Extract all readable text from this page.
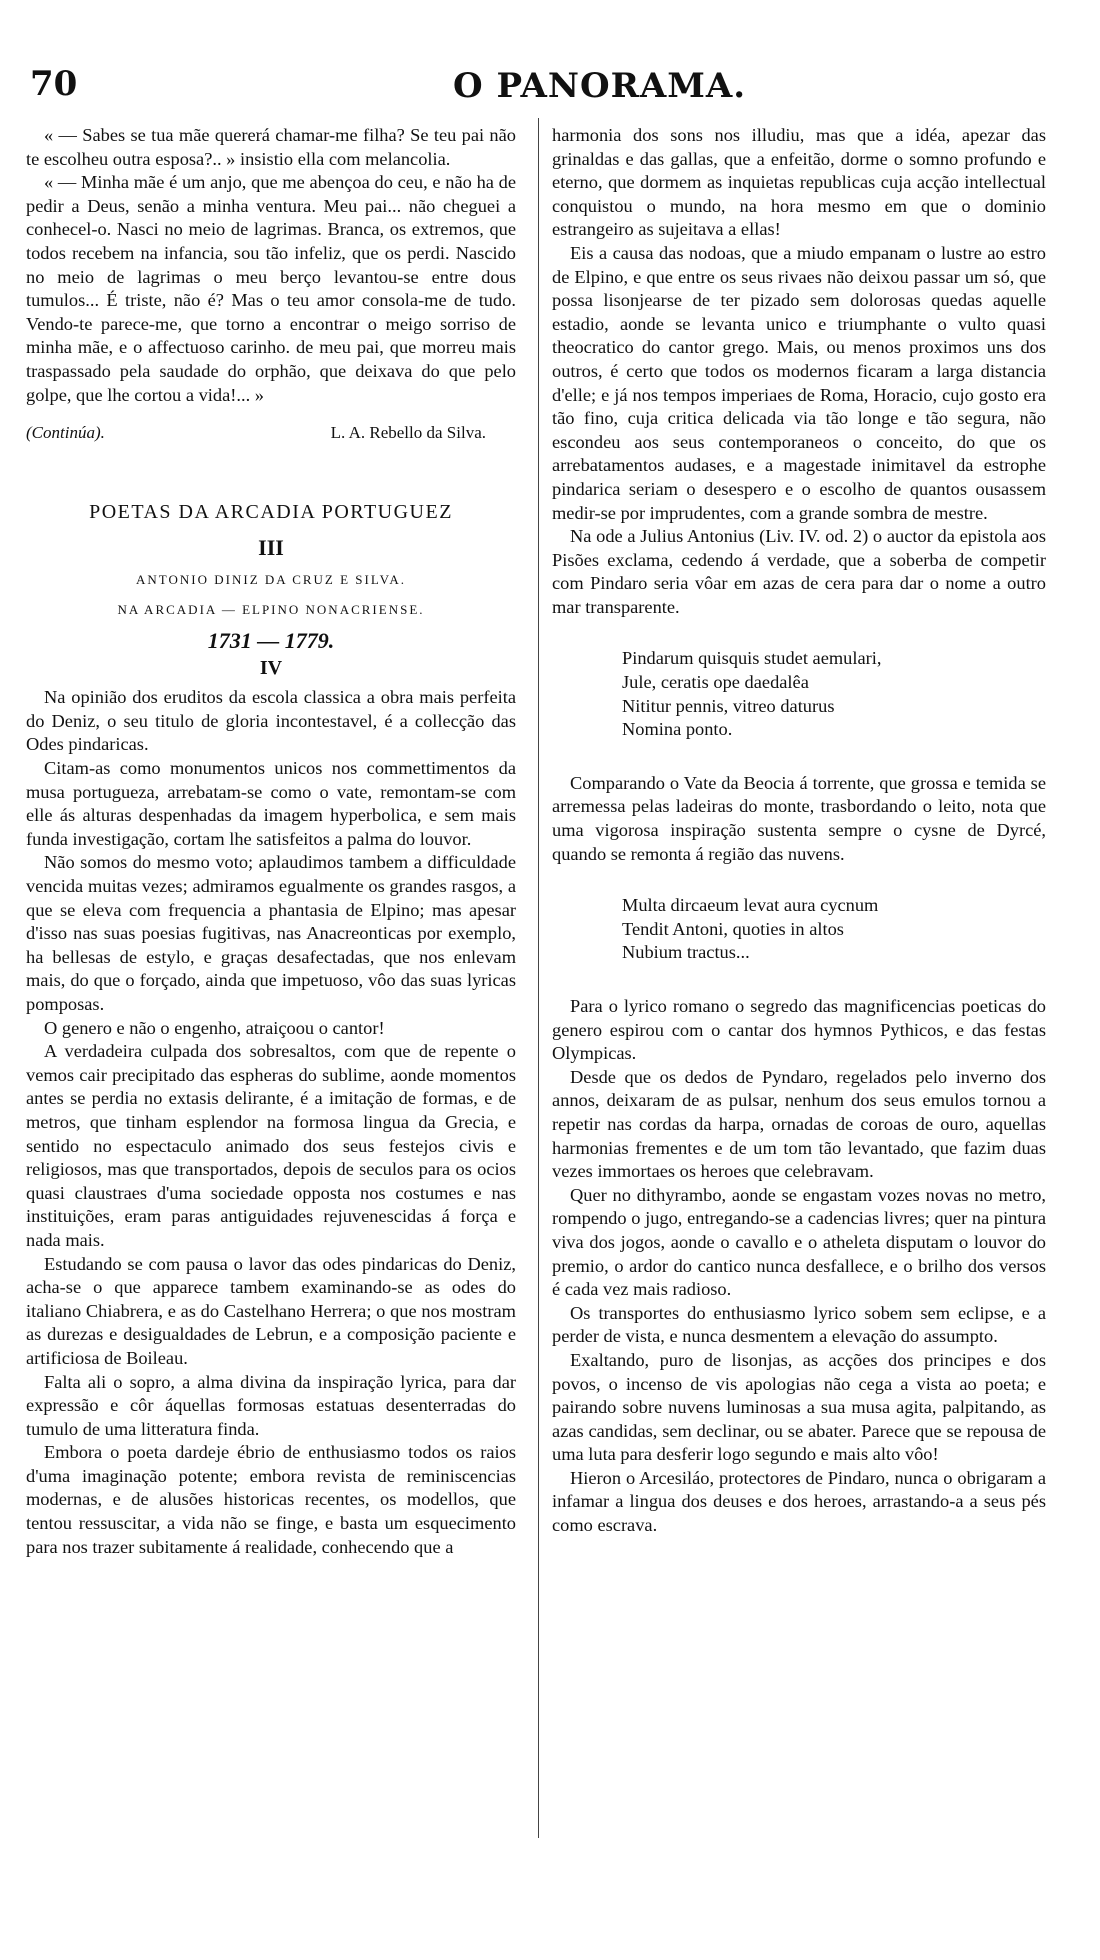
70	O PANORAMA.

« — Sabes se tua mãe quererá chamar-me filha? Se teu pai não te escolheu outra esposa?.. » insistio ella com melancolia.

« — Minha mãe é um anjo, que me abençoa do ceu, e não ha de pedir a Deus, senão a minha ventura. Meu pai... não cheguei a conhecel-o. Nasci no meio de lagrimas. Branca, os extremos, que todos recebem na infancia, sou tão infeliz, que os perdi. Nascido no meio de lagrimas o meu berço levantou-se entre dous tumulos... É triste, não é? Mas o teu amor consola-me de tudo. Vendo-te parece-me, que torno a encontrar o meigo sorriso de minha mãe, e o affectuoso carinho. de meu pai, que morreu mais traspassado pela saudade do orphão, que deixava do que pelo golpe, que lhe cortou a vida!... »

(Continúa).	L. A. Rebello da Silva.
POETAS DA ARCADIA PORTUGUEZ
III
ANTONIO DINIZ DA CRUZ E SILVA.
NA ARCADIA — ELPINO NONACRIENSE.
1731 — 1779.
IV

Na opinião dos eruditos da escola classica a obra mais perfeita do Deniz, o seu titulo de gloria incontestavel, é a collecção das Odes pindaricas.

Citam-as como monumentos unicos nos commettimentos da musa portugueza, arrebatam-se como o vate, remontam-se com elle ás alturas despenhadas da imagem hyperbolica, e sem mais funda investigação, cortam lhe satisfeitos a palma do louvor.

Não somos do mesmo voto; aplaudimos tambem a difficuldade vencida muitas vezes; admiramos egualmente os grandes rasgos, a que se eleva com frequencia a phantasia de Elpino; mas apesar d'isso nas suas poesias fugitivas, nas Anacreonticas por exemplo, ha bellesas de estylo, e graças desafectadas, que nos enlevam mais, do que o forçado, ainda que impetuoso, vôo das suas lyricas pomposas.

O genero e não o engenho, atraiçoou o cantor!

A verdadeira culpada dos sobresaltos, com que de repente o vemos cair precipitado das espheras do sublime, aonde momentos antes se perdia no extasis delirante, é a imitação de formas, e de metros, que tinham esplendor na formosa lingua da Grecia, e sentido no espectaculo animado dos seus festejos civis e religiosos, mas que transportados, depois de seculos para os ocios quasi claustraes d'uma sociedade opposta nos costumes e nas instituições, eram paras antiguidades rejuvenescidas á força e nada mais.

Estudando se com pausa o lavor das odes pindaricas do Deniz, acha-se o que apparece tambem examinando-se as odes do italiano Chiabrera, e as do Castelhano Herrera; o que nos mostram as durezas e desigualdades de Lebrun, e a composição paciente e artificiosa de Boileau.

Falta ali o sopro, a alma divina da inspiração lyrica, para dar expressão e côr áquellas formosas estatuas desenterradas do tumulo de uma litteratura finda.

Embora o poeta dardeje ébrio de enthusiasmo todos os raios d'uma imaginação potente; embora revista de reminiscencias modernas, e de alusões historicas recentes, os modellos, que tentou ressuscitar, a vida não se finge, e basta um esquecimento para nos trazer subitamente á realidade, conhecendo que a

harmonia dos sons nos illudiu, mas que a idéa, apezar das grinaldas e das gallas, que a enfeitão, dorme o somno profundo e eterno, que dormem as inquietas republicas cuja acção intellectual conquistou o mundo, na hora mesmo em que o dominio estrangeiro as sujeitava a ellas!

Eis a causa das nodoas, que a miudo empanam o lustre ao estro de Elpino, e que entre os seus rivaes não deixou passar um só, que possa lisonjearse de ter pizado sem dolorosas quedas aquelle estadio, aonde se levanta unico e triumphante o vulto quasi theocratico do cantor grego. Mais, ou menos proximos uns dos outros, é certo que todos os modernos ficaram a larga distancia d'elle; e já nos tempos imperiaes de Roma, Horacio, cujo gosto era tão fino, cuja critica delicada via tão longe e tão segura, não escondeu aos seus contemporaneos o conceito, do que os arrebatamentos audases, e a magestade inimitavel da estrophe pindarica seriam o desespero e o escolho de quantos ousassem medir-se por imprudentes, com a grande sombra de mestre.

Na ode a Julius Antonius (Liv. IV. od. 2) o auctor da epistola aos Pisões exclama, cedendo á verdade, que a soberba de competir com Pindaro seria vôar em azas de cera para dar o nome a outro mar transparente.

Pindarum quisquis studet aemulari,
Jule, ceratis ope daedalêa
Nititur pennis, vitreo daturus
Nomina ponto.

Comparando o Vate da Beocia á torrente, que grossa e temida se arremessa pelas ladeiras do monte, trasbordando o leito, nota que uma vigorosa inspiração sustenta sempre o cysne de Dyrcé, quando se remonta á região das nuvens.

Multa dircaeum levat aura cycnum
Tendit Antoni, quoties in altos
Nubium tractus...

Para o lyrico romano o segredo das magnificencias poeticas do genero espirou com o cantar dos hymnos Pythicos, e das festas Olympicas.

Desde que os dedos de Pyndaro, regelados pelo inverno dos annos, deixaram de as pulsar, nenhum dos seus emulos tornou a repetir nas cordas da harpa, ornadas de coroas de ouro, aquellas harmonias frementes e de um tom tão levantado, que fazim duas vezes immortaes os heroes que celebravam.

Quer no dithyrambo, aonde se engastam vozes novas no metro, rompendo o jugo, entregando-se a cadencias livres; quer na pintura viva dos jogos, aonde o cavallo e o atheleta disputam o louvor do premio, o ardor do cantico nunca desfallece, e o brilho dos versos é cada vez mais radioso.

Os transportes do enthusiasmo lyrico sobem sem eclipse, e a perder de vista, e nunca desmentem a elevação do assumpto.

Exaltando, puro de lisonjas, as acções dos principes e dos povos, o incenso de vis apologias não cega a vista ao poeta; e pairando sobre nuvens luminosas a sua musa agita, palpitando, as azas candidas, sem declinar, ou se abater. Parece que se repousa de uma luta para desferir logo segundo e mais alto vôo!

Hieron o Arcesiláo, protectores de Pindaro, nunca o obrigaram a infamar a lingua dos deuses e dos heroes, arrastando-a a seus pés como escrava.
